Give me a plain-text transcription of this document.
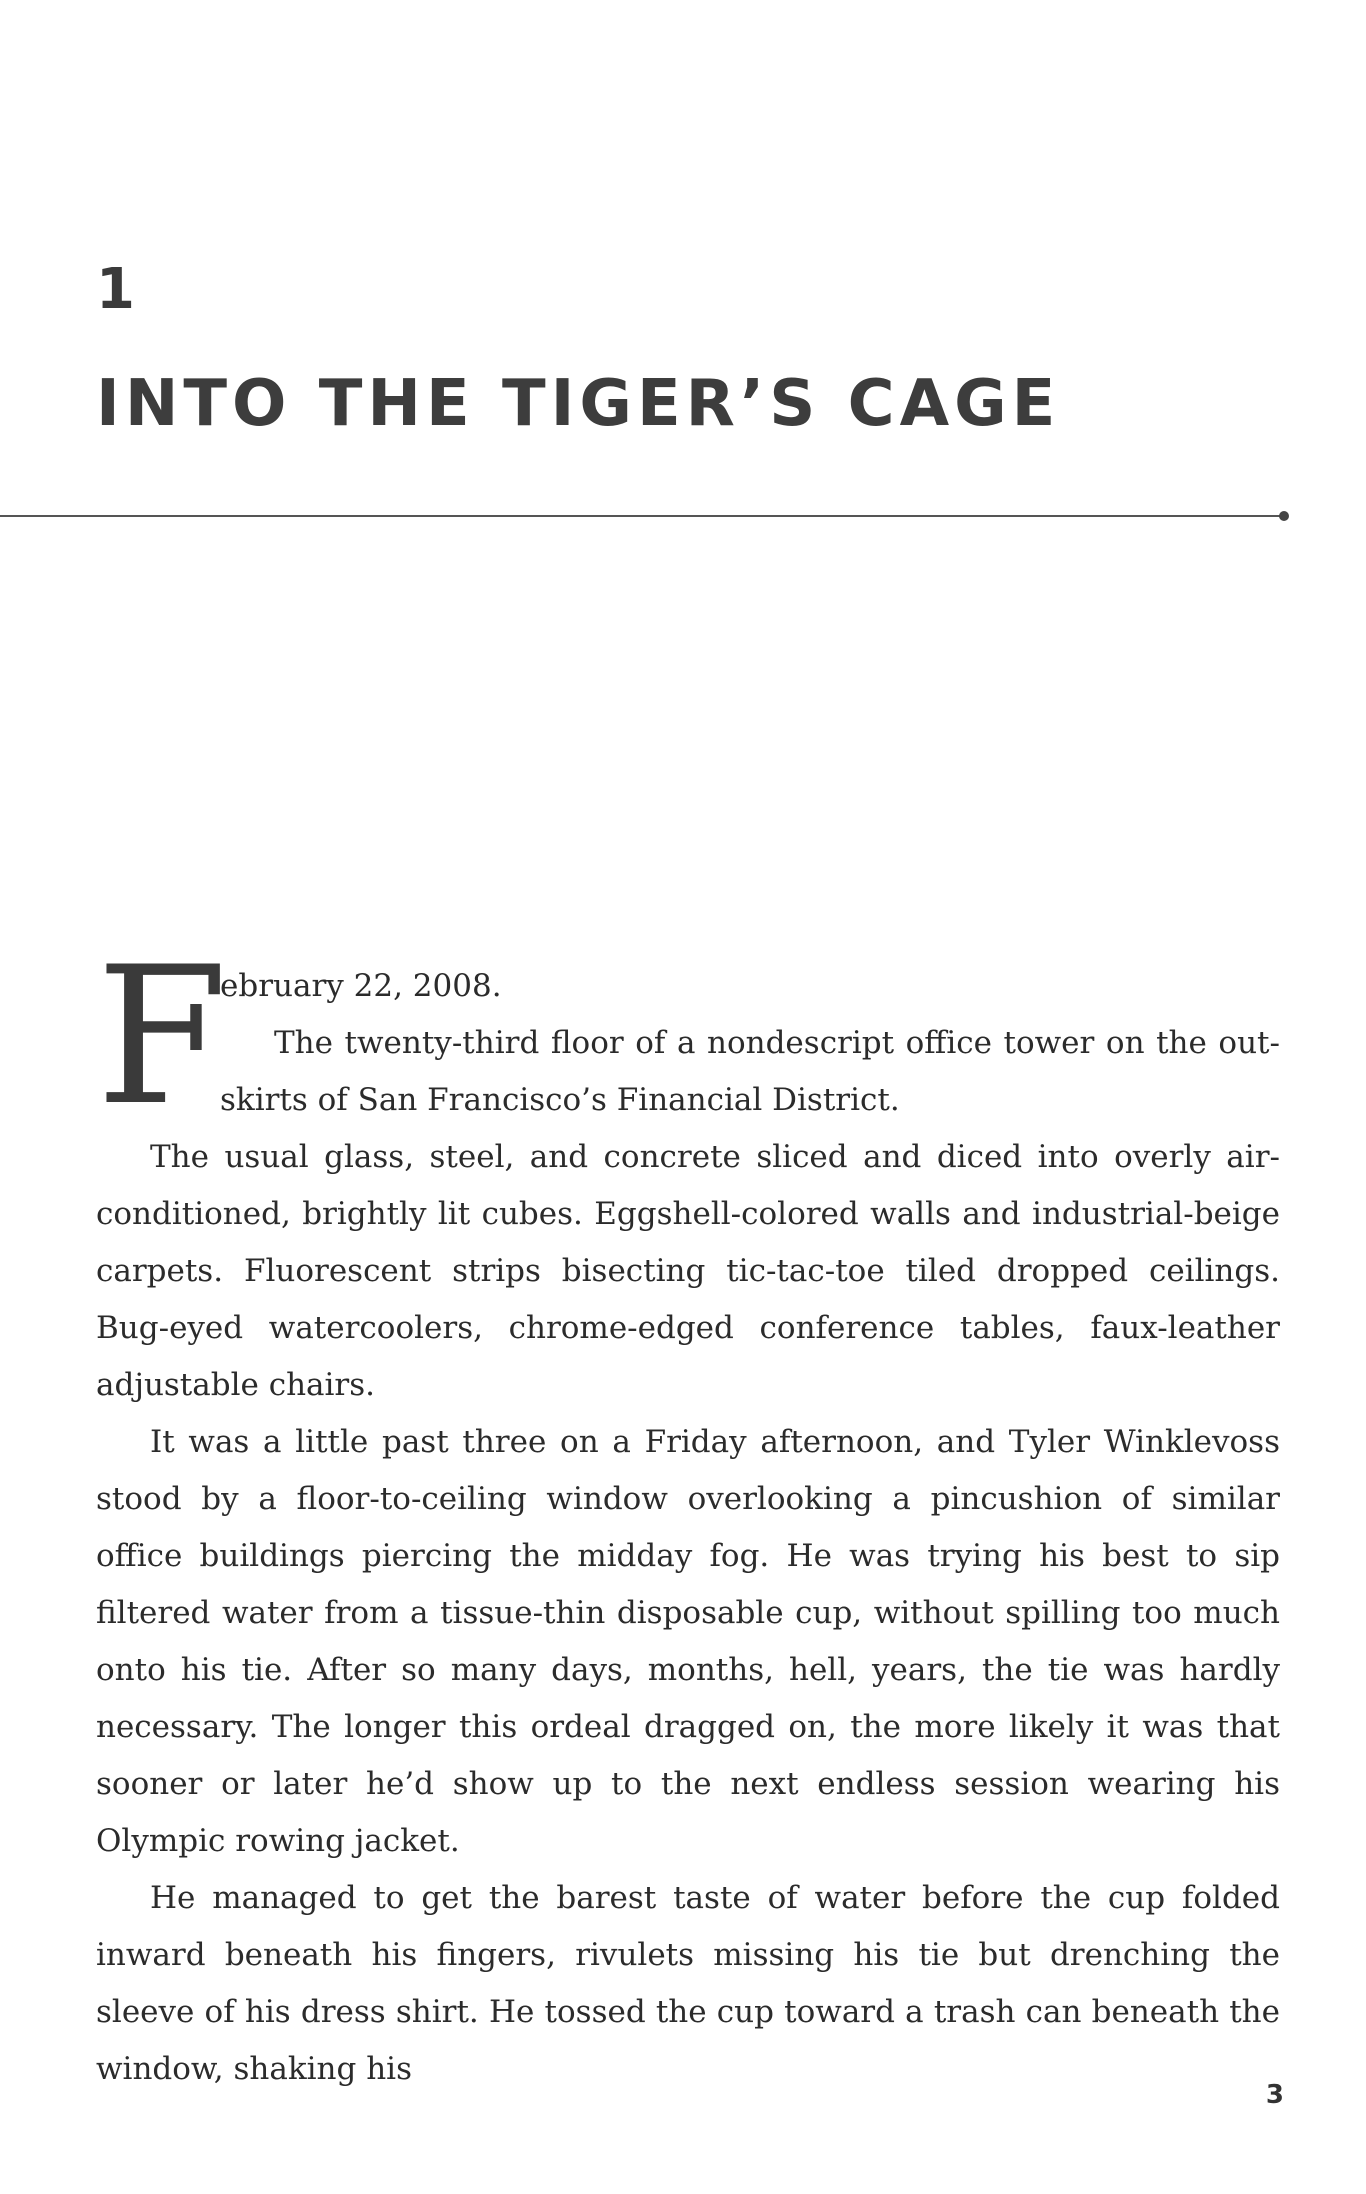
1
INTO THE TIGER’S CAGE
F

ebruary 22, 2008.
The twenty-third floor of a nondescript office tower on the out-skirts of San Francisco’s Financial District.

The usual glass, steel, and concrete sliced and diced into overly air-conditioned, brightly lit cubes. Eggshell-colored walls and industrial-beige carpets. Fluorescent strips bisecting tic-tac-toe tiled dropped ceilings. Bug-eyed watercoolers, chrome-edged conference tables, faux-leather adjustable chairs.

It was a little past three on a Friday afternoon, and Tyler Winklevoss stood by a floor-to-ceiling window overlooking a pincushion of similar office buildings piercing the midday fog. He was trying his best to sip filtered water from a tissue-thin disposable cup, without spilling too much onto his tie. After so many days, months, hell, years, the tie was hardly necessary. The longer this ordeal dragged on, the more likely it was that sooner or later he’d show up to the next endless session wearing his Olympic rowing jacket.

He managed to get the barest taste of water before the cup folded inward beneath his fingers, rivulets missing his tie but drenching the sleeve of his dress shirt. He tossed the cup toward a trash can beneath the window, shaking his

3
